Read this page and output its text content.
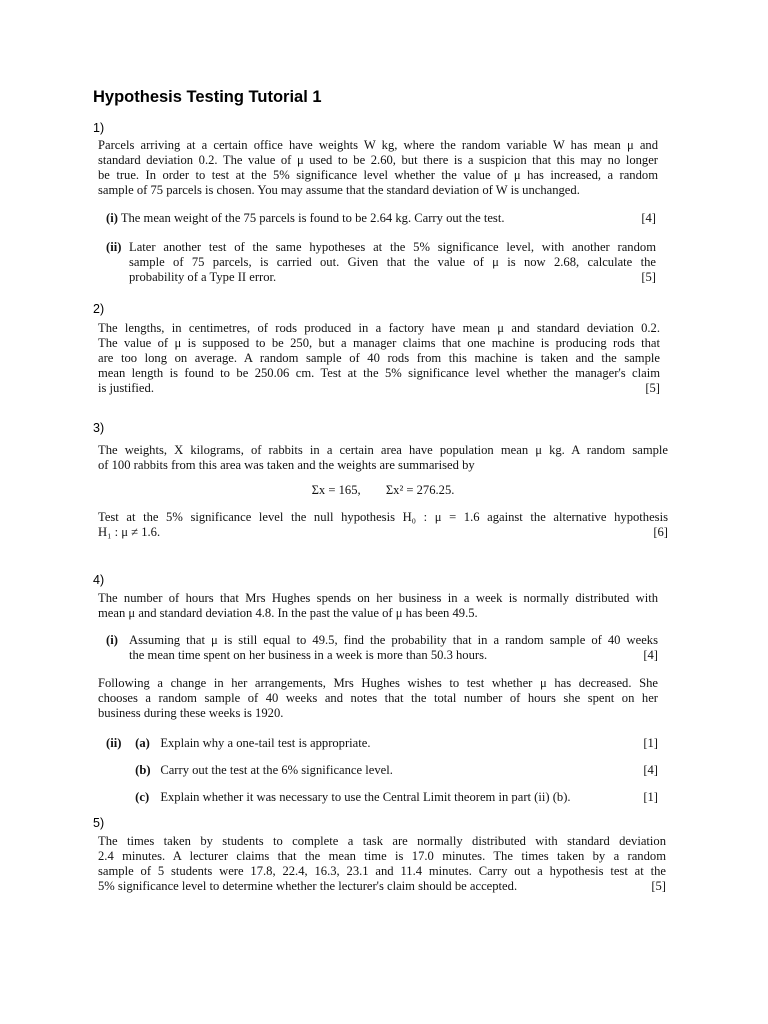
Hypothesis Testing Tutorial 1
1)
Parcels arriving at a certain office have weights W kg, where the random variable W has mean μ and
standard deviation 0.2. The value of μ used to be 2.60, but there is a suspicion that this may no longer
be true. In order to test at the 5% significance level whether the value of μ has increased, a random
sample of 75 parcels is chosen. You may assume that the standard deviation of W is unchanged.
(i) The mean weight of the 75 parcels is found to be 2.64 kg. Carry out the test.	[4]
(ii) Later another test of the same hypotheses at the 5% significance level, with another random
sample of 75 parcels, is carried out. Given that the value of μ is now 2.68, calculate the
probability of a Type II error.	[5]
2)
The lengths, in centimetres, of rods produced in a factory have mean μ and standard deviation 0.2.
The value of μ is supposed to be 250, but a manager claims that one machine is producing rods that
are too long on average. A random sample of 40 rods from this machine is taken and the sample
mean length is found to be 250.06 cm. Test at the 5% significance level whether the manager's claim
is justified.	[5]
3)
The weights, X kilograms, of rabbits in a certain area have population mean μ kg. A random sample
of 100 rabbits from this area was taken and the weights are summarised by
Σx = 165,        Σx² = 276.25.
Test at the 5% significance level the null hypothesis H₀ : μ = 1.6 against the alternative hypothesis
H₁ : μ ≠ 1.6.	[6]
4)
The number of hours that Mrs Hughes spends on her business in a week is normally distributed with
mean μ and standard deviation 4.8. In the past the value of μ has been 49.5.
(i) Assuming that μ is still equal to 49.5, find the probability that in a random sample of 40 weeks
the mean time spent on her business in a week is more than 50.3 hours.	[4]
Following a change in her arrangements, Mrs Hughes wishes to test whether μ has decreased. She
chooses a random sample of 40 weeks and notes that the total number of hours she spent on her
business during these weeks is 1920.
(ii) (a) Explain why a one-tail test is appropriate.	[1]
(b) Carry out the test at the 6% significance level.	[4]
(c) Explain whether it was necessary to use the Central Limit theorem in part (ii) (b).	[1]
5)
The times taken by students to complete a task are normally distributed with standard deviation
2.4 minutes. A lecturer claims that the mean time is 17.0 minutes. The times taken by a random
sample of 5 students were 17.8, 22.4, 16.3, 23.1 and 11.4 minutes. Carry out a hypothesis test at the
5% significance level to determine whether the lecturer's claim should be accepted.	[5]
